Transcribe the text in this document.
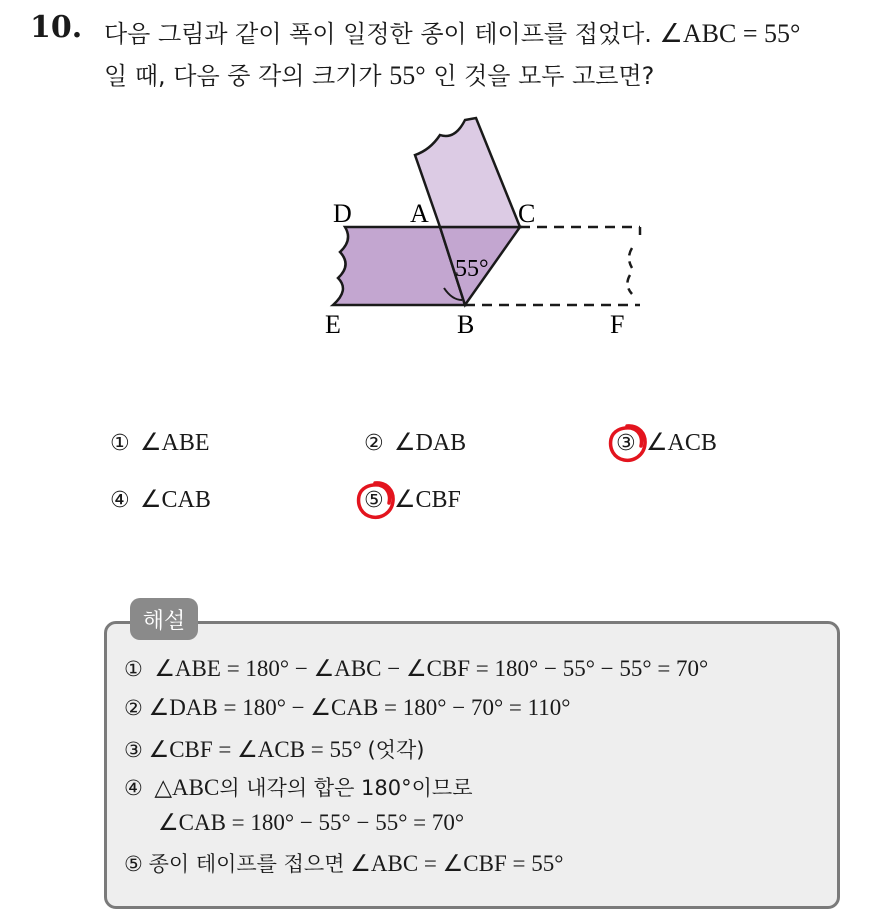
10. 다음 그림과 같이 폭이 일정한 종이 테이프를 접었다. ∠ABC = 55°
일 때, 다음 중 각의 크기가 55° 인 것을 모두 고르면?
D A	C
E	B	F
55°
① ∠ABE	② ∠DAB	③ ∠ACB
④ ∠CAB	⑤ ∠CBF
해설
① ∠ABE = 180° − ∠ABC − ∠CBF = 180° − 55° − 55° = 70°
② ∠DAB = 180° − ∠CAB = 180° − 70° = 110°
③ ∠CBF = ∠ACB = 55° (엇각)
④ △ABC의 내각의 합은 180°이므로
∠CAB = 180° − 55° − 55° = 70°
⑤ 종이 테이프를 접으면 ∠ABC = ∠CBF = 55°
